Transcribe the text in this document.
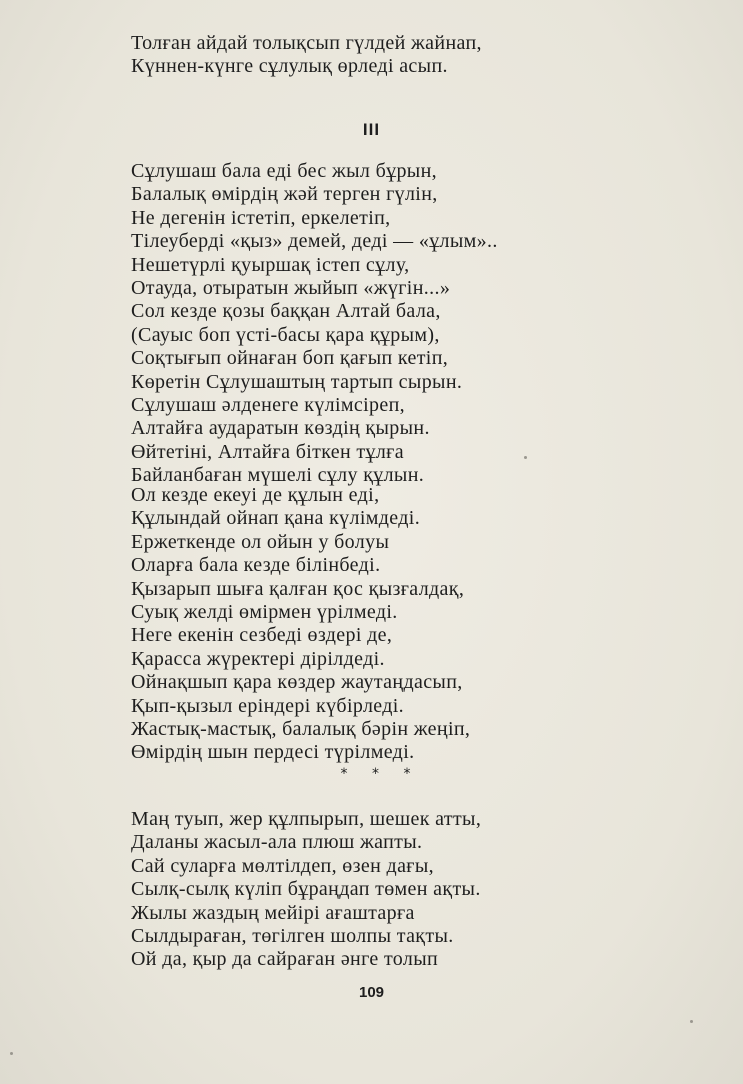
Толған айдай толықсып гүлдей жайнап,
Күннен-күнге сұлулық өрледі асып.
III
Сұлушаш бала еді бес жыл бұрын,
Балалық өмірдің жәй терген гүлін,
Не дегенін істетіп, еркелетіп,
Тілеуберді «қыз» демей, деді — «ұлым»..
Нешетүрлі қуыршақ істеп сұлу,
Отауда, отыратын жыйып «жүгін...»
Сол кезде қозы баққан Алтай бала,
(Сауыс боп үсті-басы қара құрым),
Соқтығып ойнаған боп қағып кетіп,
Көретін Сұлушаштың тартып сырын.
Сұлушаш әлденеге күлімсіреп,
Алтайға аударатын көздің қырын.
Өйтетіні, Алтайға біткен тұлға
Байланбаған мүшелі сұлу құлын.
Ол кезде екеуі де құлын еді,
Құлындай ойнап қана күлімдеді.
Ержеткенде ол ойын у болуы
Оларға бала кезде білінбеді.
Қызарып шыға қалған қос қызғалдақ,
Суық желді өмірмен үрілмеді.
Неге екенін сезбеді өздері де,
Қарасса жүректері дірілдеді.
Ойнақшып қара көздер жаутаңдасып,
Қып-қызыл еріндері күбірледі.
Жастық-мастық, балалық бәрін жеңіп,
Өмірдің шын пердесі түрілмеді.
* * *
Маң туып, жер құлпырып, шешек атты,
Даланы жасыл-ала плюш жапты.
Сай суларға мөлтілдеп, өзен дағы,
Сылқ-сылқ күліп бұраңдап төмен ақты.
Жылы жаздың мейірі ағаштарға
Сылдыраған, төгілген шолпы тақты.
Ой да, қыр да сайраған әнге толып
109
